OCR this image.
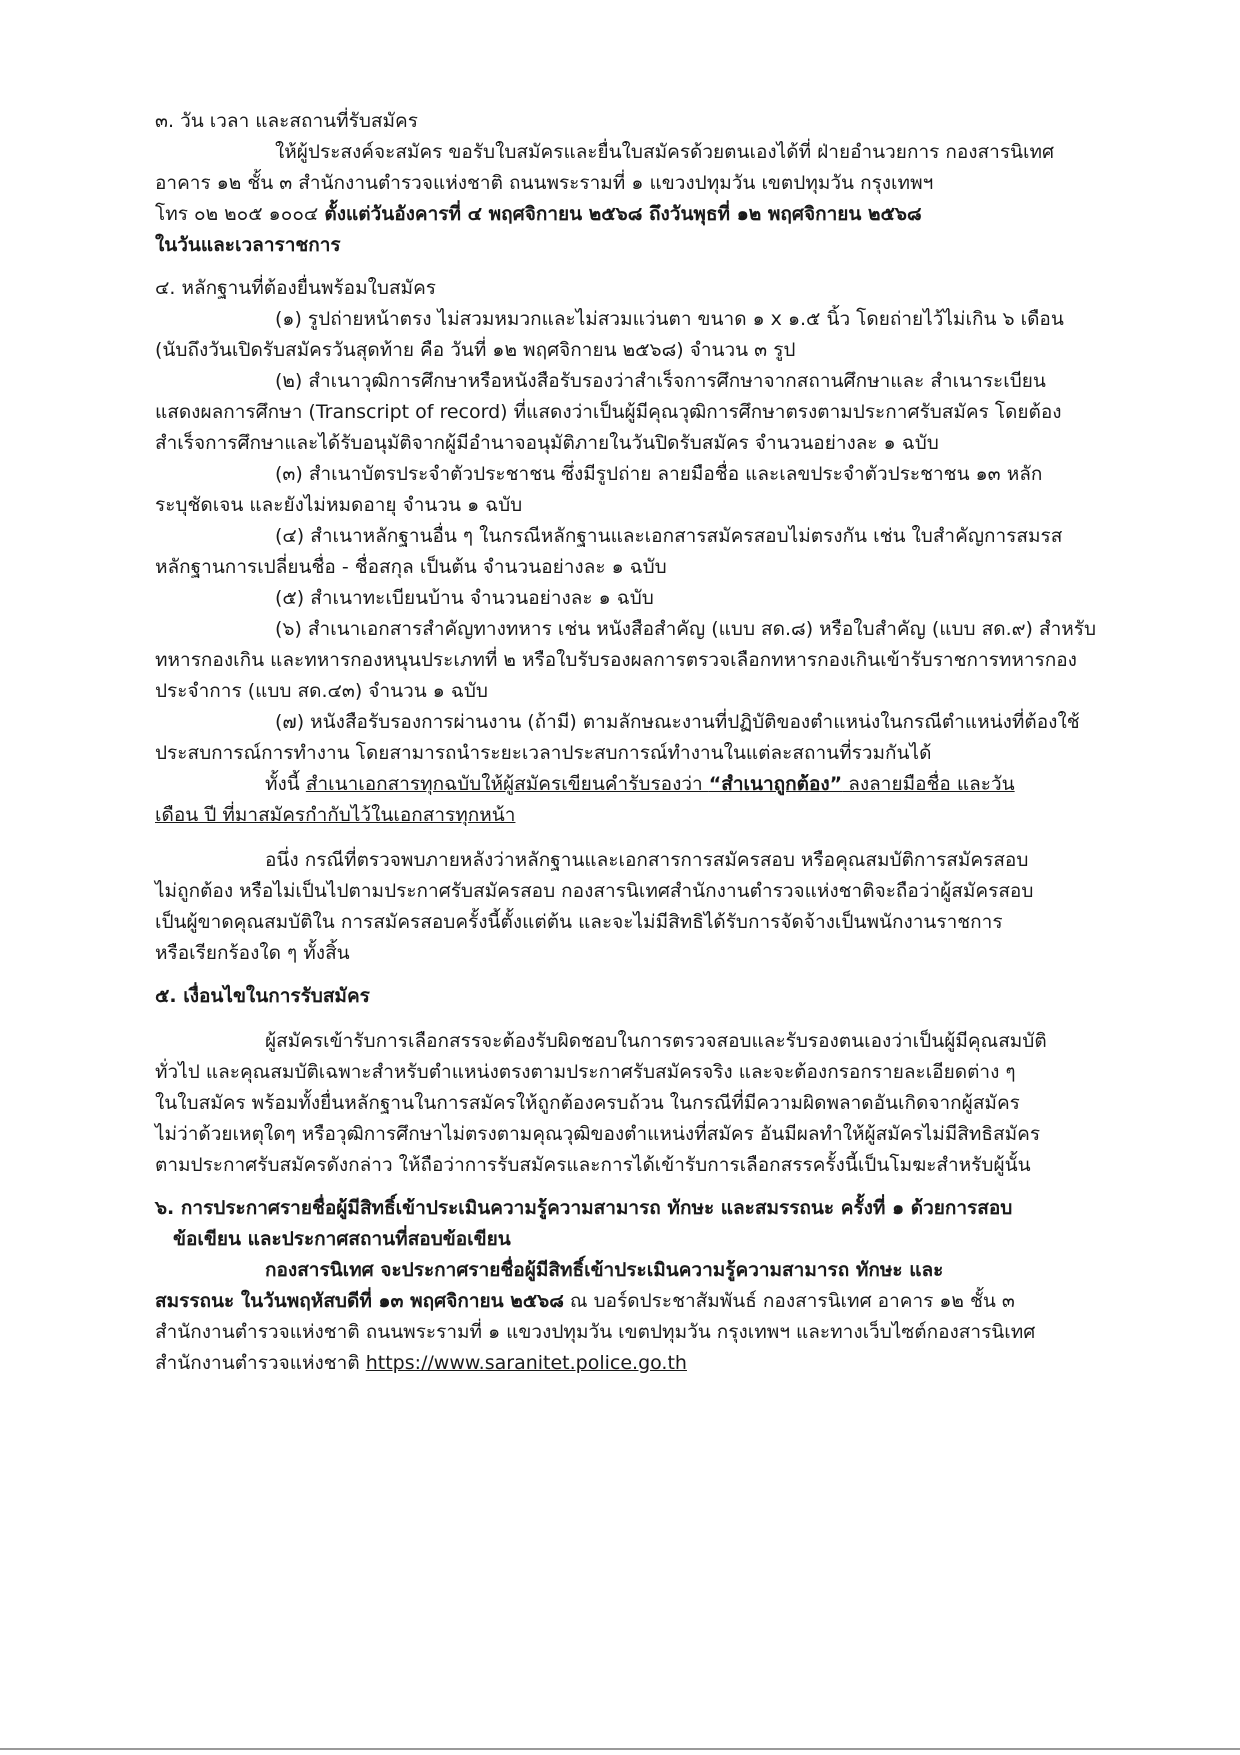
๓. วัน เวลา และสถานที่รับสมัคร

ให้ผู้ประสงค์จะสมัคร ขอรับใบสมัครและยื่นใบสมัครด้วยตนเองได้ที่ ฝ่ายอำนวยการ กองสารนิเทศ

อาคาร ๑๒ ชั้น ๓ สำนักงานตำรวจแห่งชาติ ถนนพระรามที่ ๑ แขวงปทุมวัน เขตปทุมวัน กรุงเทพฯ

โทร ๐๒ ๒๐๕ ๑๐๐๔ ตั้งแต่วันอังคารที่ ๔ พฤศจิกายน ๒๕๖๘ ถึงวันพุธที่ ๑๒ พฤศจิกายน ๒๕๖๘

ในวันและเวลาราชการ

๔. หลักฐานที่ต้องยื่นพร้อมใบสมัคร

(๑) รูปถ่ายหน้าตรง ไม่สวมหมวกและไม่สวมแว่นตา ขนาด ๑ x ๑.๕ นิ้ว โดยถ่ายไว้ไม่เกิน ๖ เดือน

(นับถึงวันเปิดรับสมัครวันสุดท้าย คือ วันที่ ๑๒ พฤศจิกายน ๒๕๖๘) จำนวน ๓ รูป

(๒) สำเนาวุฒิการศึกษาหรือหนังสือรับรองว่าสำเร็จการศึกษาจากสถานศึกษาและ สำเนาระเบียน

แสดงผลการศึกษา (Transcript of record) ที่แสดงว่าเป็นผู้มีคุณวุฒิการศึกษาตรงตามประกาศรับสมัคร โดยต้อง

สำเร็จการศึกษาและได้รับอนุมัติจากผู้มีอำนาจอนุมัติภายในวันปิดรับสมัคร จำนวนอย่างละ ๑ ฉบับ

(๓) สำเนาบัตรประจำตัวประชาชน ซึ่งมีรูปถ่าย ลายมือชื่อ และเลขประจำตัวประชาชน ๑๓ หลัก

ระบุชัดเจน และยังไม่หมดอายุ จำนวน ๑ ฉบับ

(๔) สำเนาหลักฐานอื่น ๆ ในกรณีหลักฐานและเอกสารสมัครสอบไม่ตรงกัน เช่น ใบสำคัญการสมรส

หลักฐานการเปลี่ยนชื่อ - ชื่อสกุล เป็นต้น จำนวนอย่างละ ๑ ฉบับ

(๕) สำเนาทะเบียนบ้าน จำนวนอย่างละ ๑ ฉบับ

(๖) สำเนาเอกสารสำคัญทางทหาร เช่น หนังสือสำคัญ (แบบ สด.๘) หรือใบสำคัญ (แบบ สด.๙) สำหรับ

ทหารกองเกิน และทหารกองหนุนประเภทที่ ๒ หรือใบรับรองผลการตรวจเลือกทหารกองเกินเข้ารับราชการทหารกอง

ประจำการ (แบบ สด.๔๓) จำนวน ๑ ฉบับ

(๗) หนังสือรับรองการผ่านงาน (ถ้ามี) ตามลักษณะงานที่ปฏิบัติของตำแหน่งในกรณีตำแหน่งที่ต้องใช้

ประสบการณ์การทำงาน โดยสามารถนำระยะเวลาประสบการณ์ทำงานในแต่ละสถานที่รวมกันได้

ทั้งนี้ สำเนาเอกสารทุกฉบับให้ผู้สมัครเขียนคำรับรองว่า “สำเนาถูกต้อง” ลงลายมือชื่อ และวัน

เดือน ปี ที่มาสมัครกำกับไว้ในเอกสารทุกหน้า

อนึ่ง กรณีที่ตรวจพบภายหลังว่าหลักฐานและเอกสารการสมัครสอบ หรือคุณสมบัติการสมัครสอบ

ไม่ถูกต้อง หรือไม่เป็นไปตามประกาศรับสมัครสอบ กองสารนิเทศสำนักงานตำรวจแห่งชาติจะถือว่าผู้สมัครสอบ

เป็นผู้ขาดคุณสมบัติใน การสมัครสอบครั้งนี้ตั้งแต่ต้น และจะไม่มีสิทธิได้รับการจัดจ้างเป็นพนักงานราชการ

หรือเรียกร้องใด ๆ ทั้งสิ้น

๕. เงื่อนไขในการรับสมัคร

ผู้สมัครเข้ารับการเลือกสรรจะต้องรับผิดชอบในการตรวจสอบและรับรองตนเองว่าเป็นผู้มีคุณสมบัติ

ทั่วไป และคุณสมบัติเฉพาะสำหรับตำแหน่งตรงตามประกาศรับสมัครจริง และจะต้องกรอกรายละเอียดต่าง ๆ

ในใบสมัคร พร้อมทั้งยื่นหลักฐานในการสมัครให้ถูกต้องครบถ้วน ในกรณีที่มีความผิดพลาดอันเกิดจากผู้สมัคร

ไม่ว่าด้วยเหตุใดๆ หรือวุฒิการศึกษาไม่ตรงตามคุณวุฒิของตำแหน่งที่สมัคร อันมีผลทำให้ผู้สมัครไม่มีสิทธิสมัคร

ตามประกาศรับสมัครดังกล่าว ให้ถือว่าการรับสมัครและการได้เข้ารับการเลือกสรรครั้งนี้เป็นโมฆะสำหรับผู้นั้น

๖. การประกาศรายชื่อผู้มีสิทธิ์เข้าประเมินความรู้ความสามารถ ทักษะ และสมรรถนะ ครั้งที่ ๑ ด้วยการสอบ

ข้อเขียน และประกาศสถานที่สอบข้อเขียน

กองสารนิเทศ จะประกาศรายชื่อผู้มีสิทธิ์เข้าประเมินความรู้ความสามารถ ทักษะ และ

สมรรถนะ ในวันพฤหัสบดีที่ ๑๓ พฤศจิกายน ๒๕๖๘ ณ บอร์ดประชาสัมพันธ์ กองสารนิเทศ อาคาร ๑๒ ชั้น ๓

สำนักงานตำรวจแห่งชาติ ถนนพระรามที่ ๑ แขวงปทุมวัน เขตปทุมวัน กรุงเทพฯ และทางเว็บไซต์กองสารนิเทศ

สำนักงานตำรวจแห่งชาติ https://www.saranitet.police.go.th
